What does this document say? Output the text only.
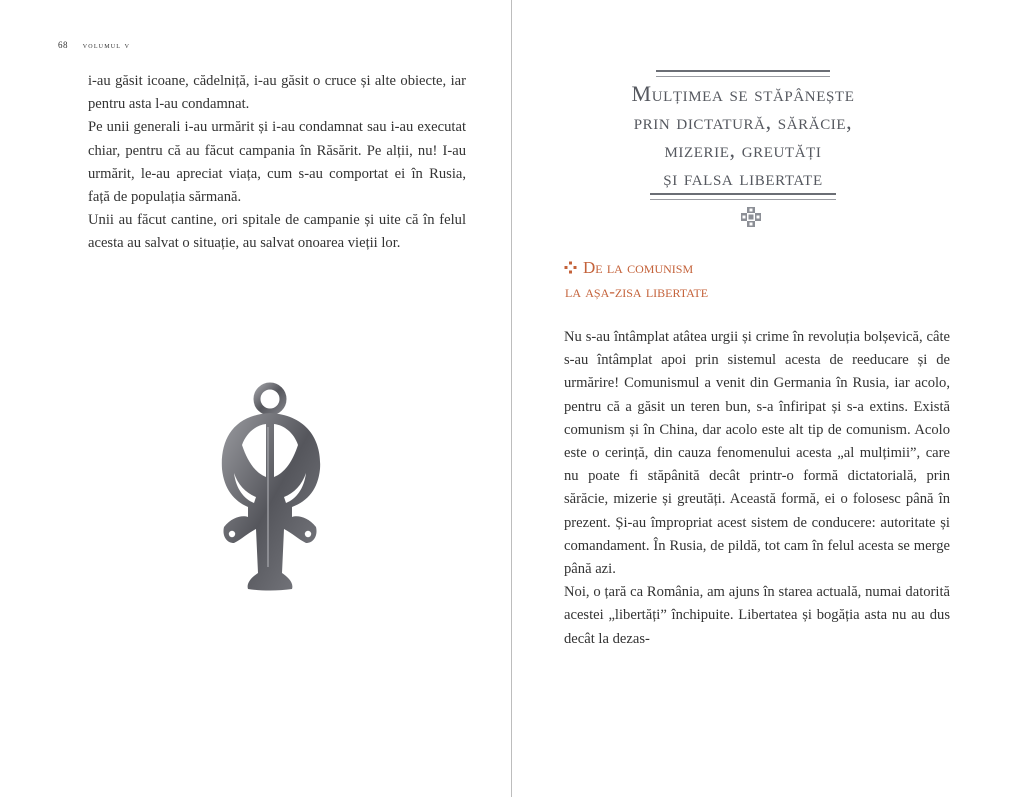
68 volumul v

i-au găsit icoane, cădelniță, i-au găsit o cruce și alte obiecte, iar pentru asta l-au condamnat.

Pe unii generali i-au urmărit și i-au condamnat sau i-au executat chiar, pentru că au făcut campania în Răsărit. Pe alții, nu! I-au urmărit, le-au apreciat viața, cum s-au comportat ei în Rusia, față de populația sărmană.

Unii au făcut cantine, ori spitale de campanie și uite că în felul acesta au salvat o situație, au salvat onoarea vieții lor.

Mulțimea se stăpânește
prin dictatură, sărăcie,
mizerie, greutăți
și falsa libertate
De la comunism
la așa-zisa libertate

Nu s-au întâmplat atâtea urgii și crime în revoluția bolșevică, câte s-au întâmplat apoi prin sistemul acesta de reeducare și de urmărire! Comunismul a venit din Germania în Rusia, iar acolo, pentru că a găsit un teren bun, s-a înfiripat și s-a extins. Există comunism și în China, dar acolo este alt tip de comunism. Acolo este o cerință, din cauza fenomenului acesta „al mulțimii”, care nu poate fi stăpânită decât printr-o formă dictatorială, prin sărăcie, mizerie și greutăți. Această formă, ei o folosesc până în prezent. Și-au împropriat acest sistem de conducere: autoritate și comandament. În Rusia, de pildă, tot cam în felul acesta se merge până azi.

Noi, o țară ca România, am ajuns în starea actuală, numai datorită acestei „libertăți” închipuite. Libertatea și bogăția asta nu au dus decât la dezas-
